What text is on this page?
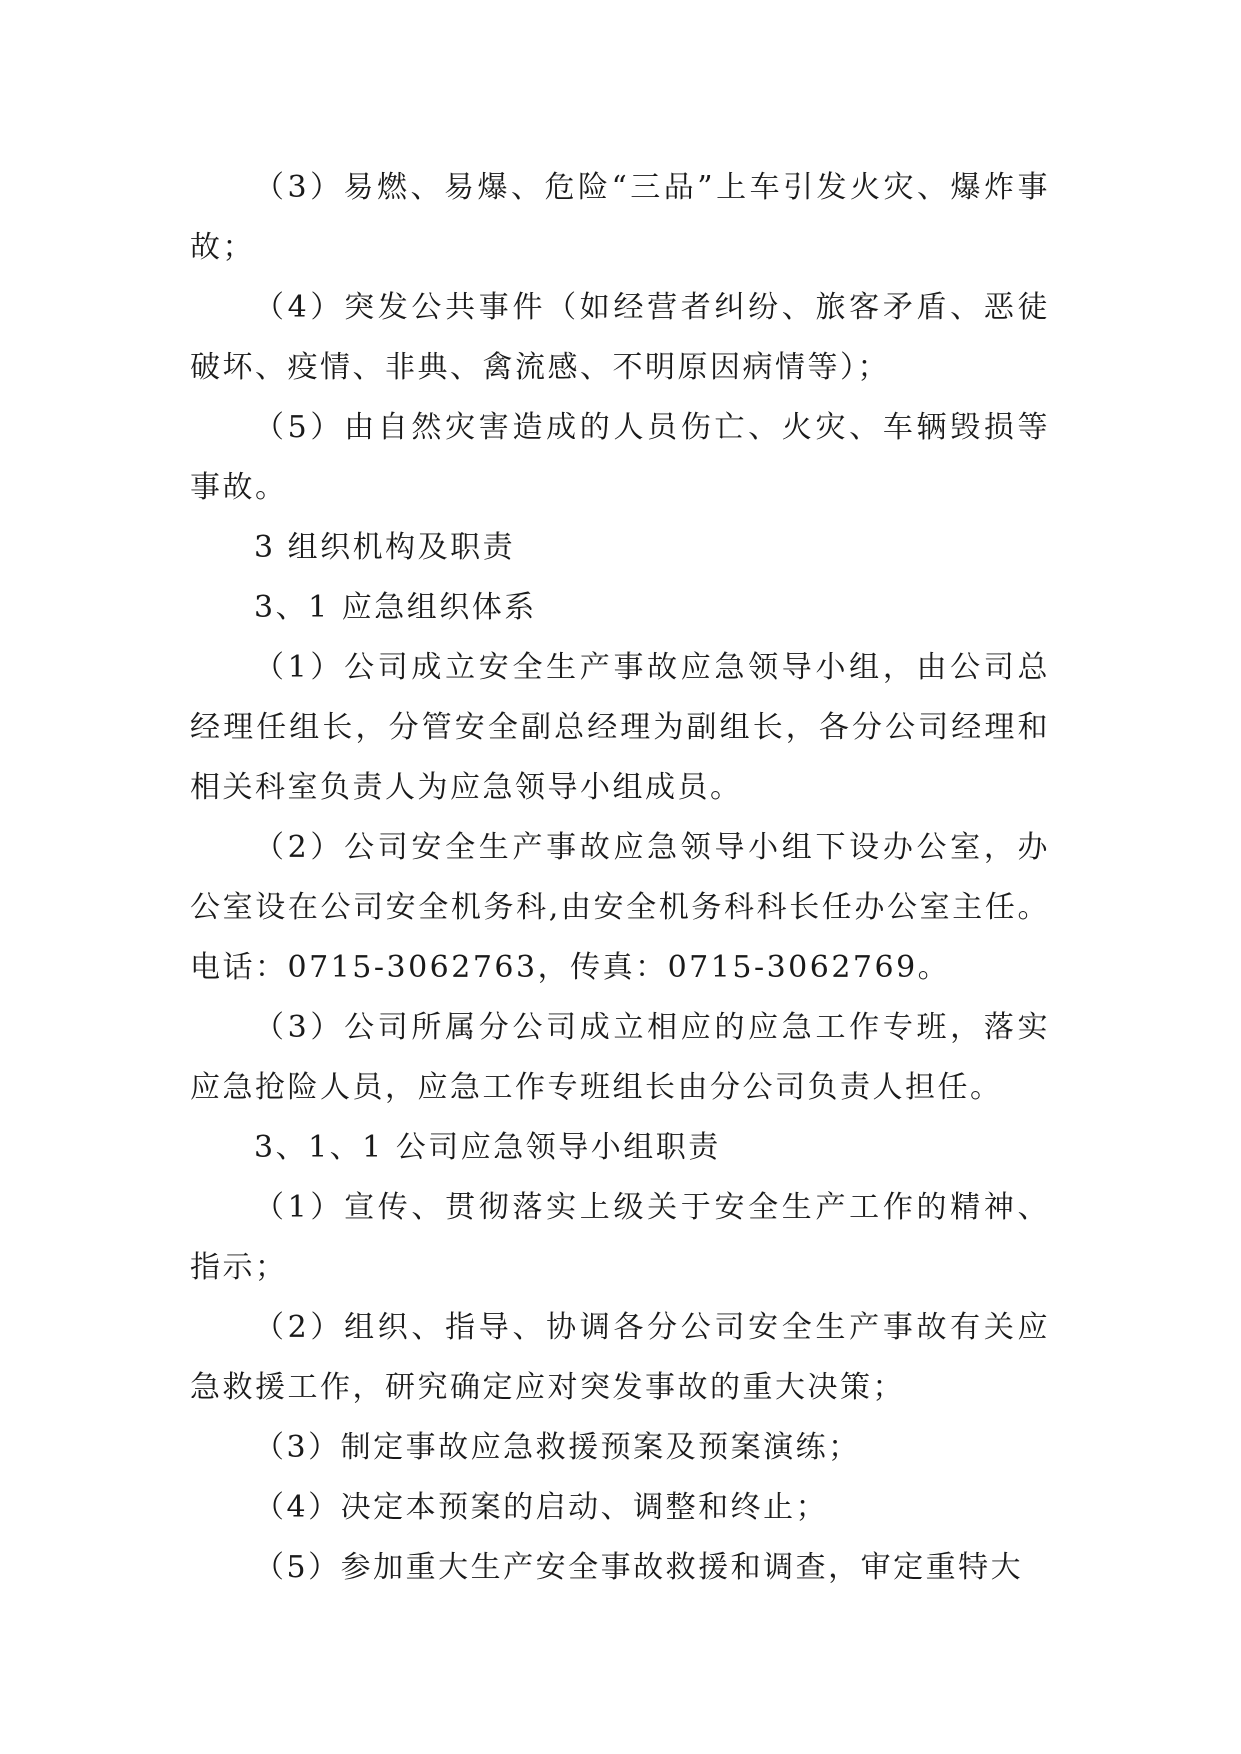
（3）易燃、易爆、危险“三品”上车引发火灾、爆炸事故；

（4）突发公共事件（如经营者纠纷、旅客矛盾、恶徒破坏、疫情、非典、禽流感、不明原因病情等）；

（5）由自然灾害造成的人员伤亡、火灾、车辆毁损等事故。

3 组织机构及职责

3、1 应急组织体系

（1）公司成立安全生产事故应急领导小组，由公司总经理任组长，分管安全副总经理为副组长，各分公司经理和相关科室负责人为应急领导小组成员。

（2）公司安全生产事故应急领导小组下设办公室，办公室设在公司安全机务科,由安全机务科科长任办公室主任。电话：0715-3062763，传真：0715-3062769。

（3）公司所属分公司成立相应的应急工作专班，落实应急抢险人员，应急工作专班组长由分公司负责人担任。

3、1、1 公司应急领导小组职责

（1）宣传、贯彻落实上级关于安全生产工作的精神、指示；

（2）组织、指导、协调各分公司安全生产事故有关应急救援工作，研究确定应对突发事故的重大决策；

（3）制定事故应急救援预案及预案演练；

（4）决定本预案的启动、调整和终止；

（5）参加重大生产安全事故救援和调查，审定重特大
